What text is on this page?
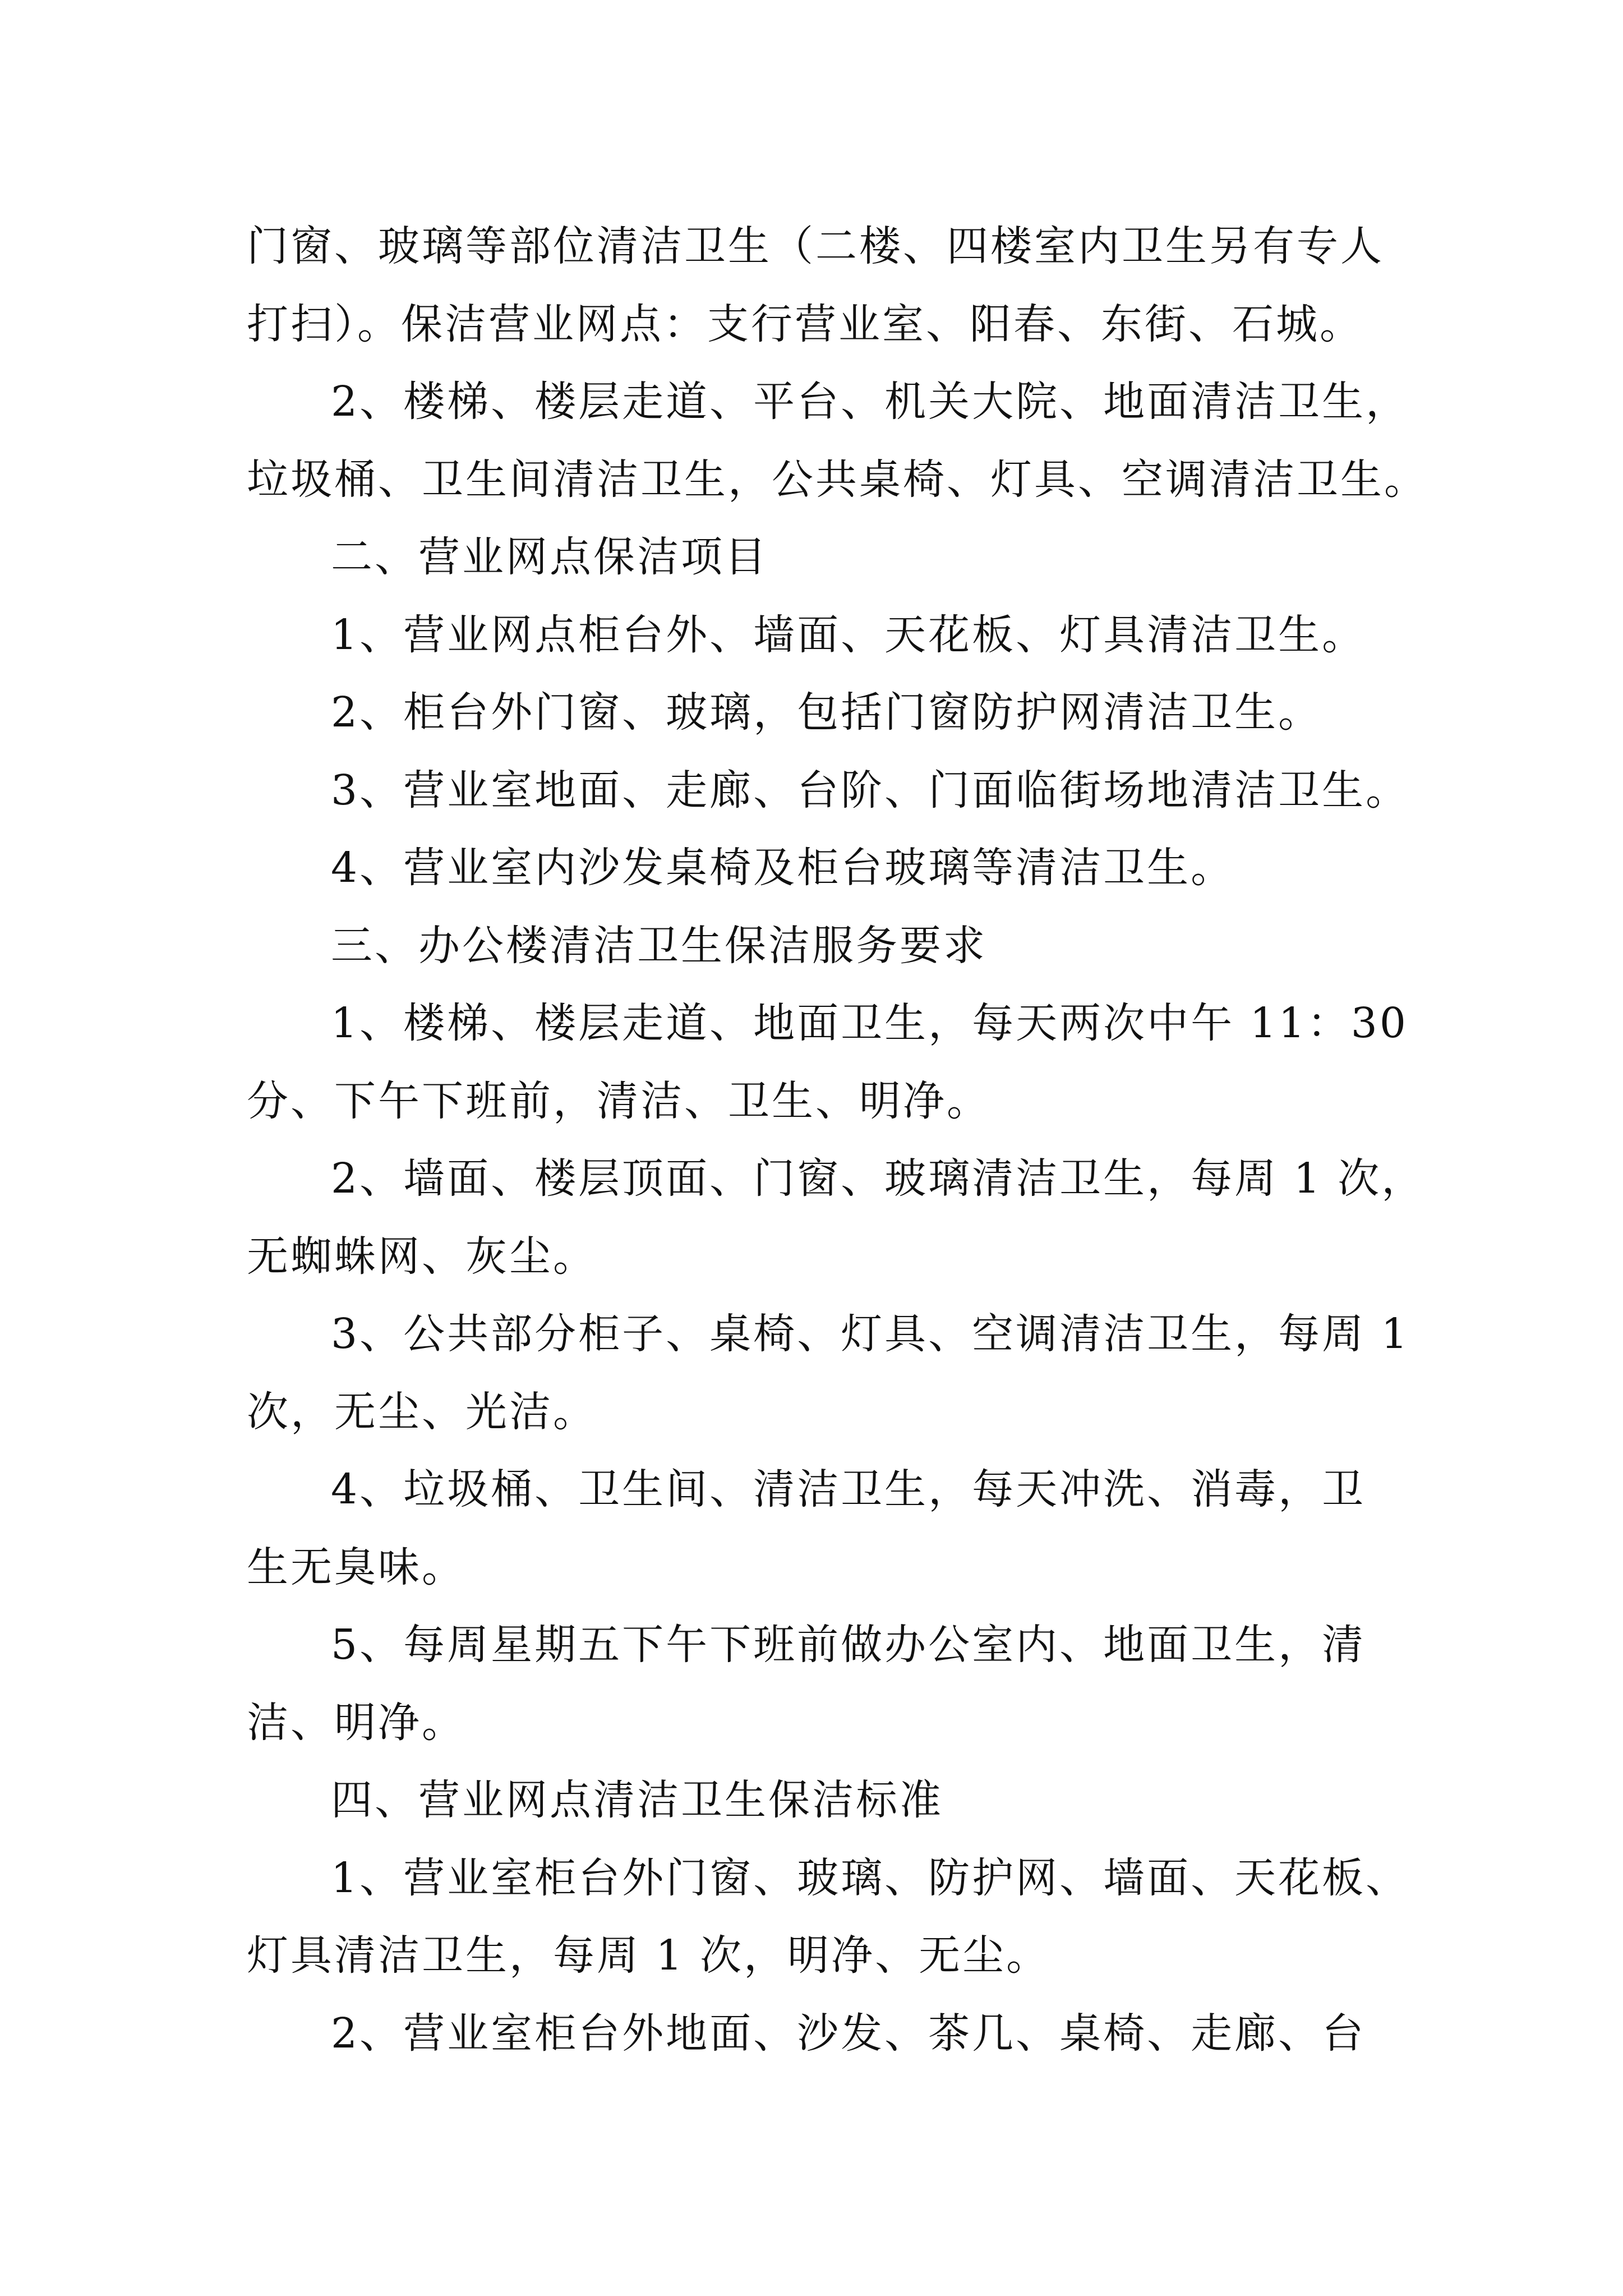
门窗、玻璃等部位清洁卫生（二楼、四楼室内卫生另有专人
打扫）。保洁营业网点：支行营业室、阳春、东街、石城。
2、楼梯、楼层走道、平台、机关大院、地面清洁卫生，
垃圾桶、卫生间清洁卫生，公共桌椅、灯具、空调清洁卫生。
二、营业网点保洁项目
1、营业网点柜台外、墙面、天花板、灯具清洁卫生。
2、柜台外门窗、玻璃，包括门窗防护网清洁卫生。
3、营业室地面、走廊、台阶、门面临街场地清洁卫生。
4、营业室内沙发桌椅及柜台玻璃等清洁卫生。
三、办公楼清洁卫生保洁服务要求
1、楼梯、楼层走道、地面卫生，每天两次中午 11：30
分、下午下班前，清洁、卫生、明净。
2、墙面、楼层顶面、门窗、玻璃清洁卫生，每周 1 次，
无蜘蛛网、灰尘。
3、公共部分柜子、桌椅、灯具、空调清洁卫生，每周 1
次，无尘、光洁。
4、垃圾桶、卫生间、清洁卫生，每天冲洗、消毒，卫
生无臭味。
5、每周星期五下午下班前做办公室内、地面卫生，清
洁、明净。
四、营业网点清洁卫生保洁标准
1、营业室柜台外门窗、玻璃、防护网、墙面、天花板、
灯具清洁卫生，每周 1 次，明净、无尘。
2、营业室柜台外地面、沙发、茶几、桌椅、走廊、台
